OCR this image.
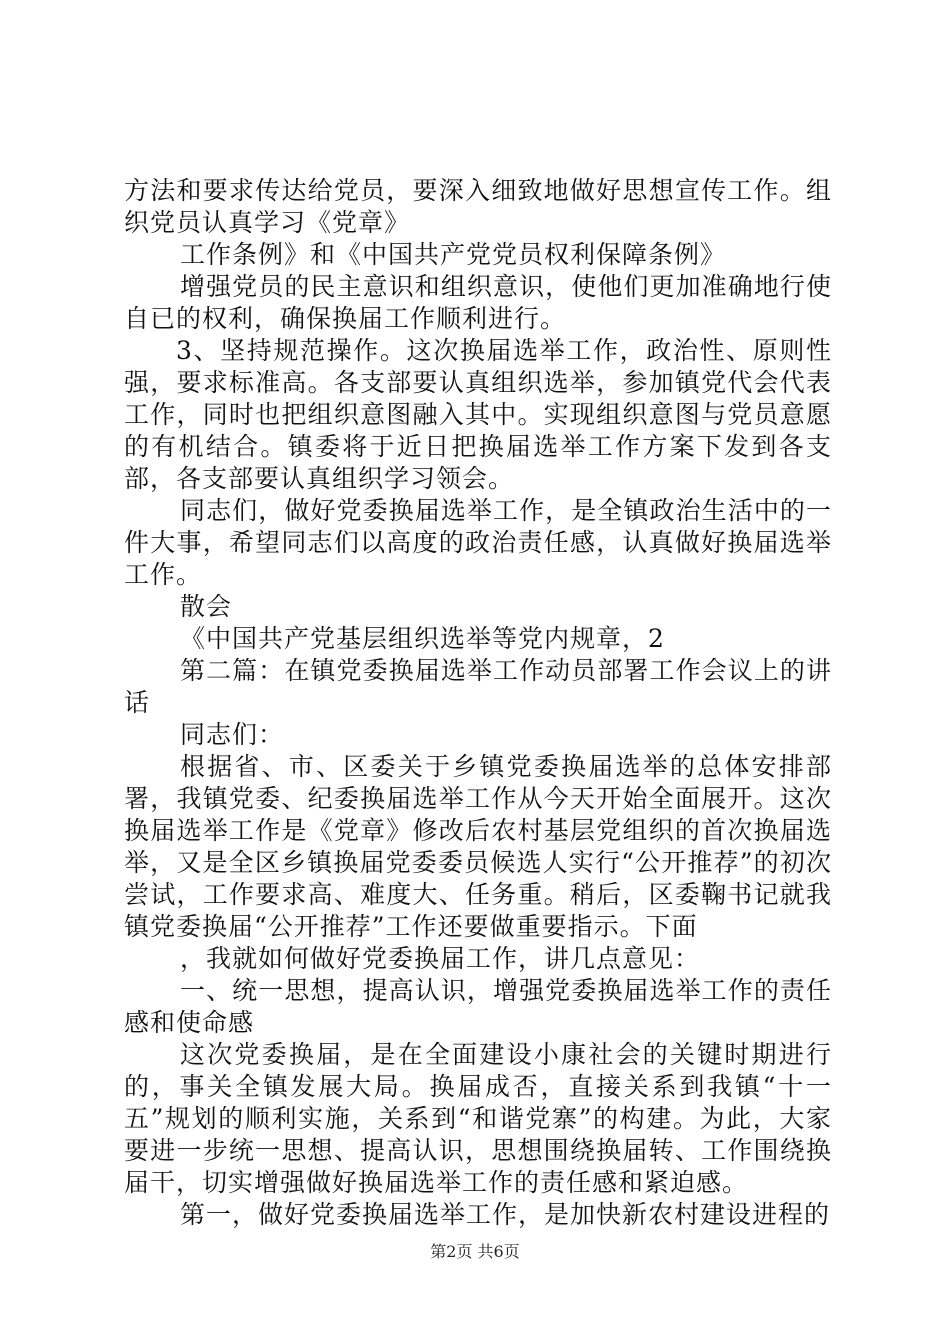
方法和要求传达给党员，要深入细致地做好思想宣传工作。组织党员认真学习《党章》

工作条例》和《中国共产党党员权利保障条例》

增强党员的民主意识和组织意识，使他们更加准确地行使自已的权利，确保换届工作顺利进行。

3、坚持规范操作。这次换届选举工作，政治性、原则性强，要求标准高。各支部要认真组织选举，参加镇党代会代表工作，同时也把组织意图融入其中。实现组织意图与党员意愿的有机结合。镇委将于近日把换届选举工作方案下发到各支部，各支部要认真组织学习领会。

同志们，做好党委换届选举工作，是全镇政治生活中的一件大事，希望同志们以高度的政治责任感，认真做好换届选举工作。

散会

《中国共产党基层组织选举等党内规章，2

第二篇：在镇党委换届选举工作动员部署工作会议上的讲话

同志们：

根据省、市、区委关于乡镇党委换届选举的总体安排部署，我镇党委、纪委换届选举工作从今天开始全面展开。这次换届选举工作是《党章》修改后农村基层党组织的首次换届选举，又是全区乡镇换届党委委员候选人实行“公开推荐”的初次尝试，工作要求高、难度大、任务重。稍后，区委鞠书记就我镇党委换届“公开推荐”工作还要做重要指示。下面

，我就如何做好党委换届工作，讲几点意见：

一、统一思想，提高认识，增强党委换届选举工作的责任感和使命感

这次党委换届，是在全面建设小康社会的关键时期进行的，事关全镇发展大局。换届成否，直接关系到我镇“十一五”规划的顺利实施，关系到“和谐党寨”的构建。为此，大家要进一步统一思想、提高认识，思想围绕换届转、工作围绕换届干，切实增强做好换届选举工作的责任感和紧迫感。

第一，做好党委换届选举工作，是加快新农村建设进程的

第2页 共6页
